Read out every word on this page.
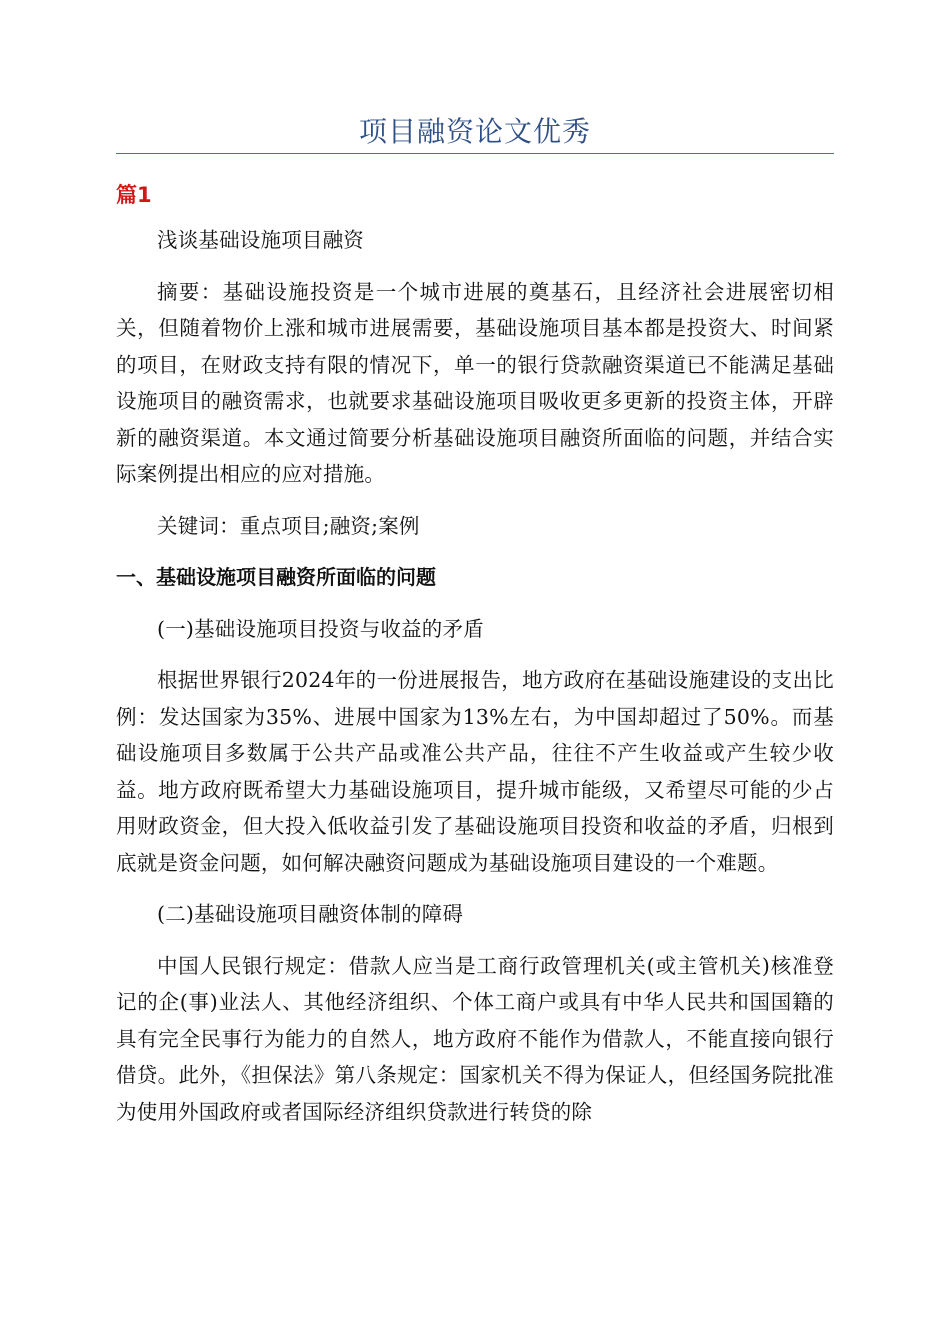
项目融资论文优秀
篇1

浅谈基础设施项目融资

摘要：基础设施投资是一个城市进展的奠基石，且经济社会进展密切相关，但随着物价上涨和城市进展需要，基础设施项目基本都是投资大、时间紧的项目，在财政支持有限的情况下，单一的银行贷款融资渠道已不能满足基础设施项目的融资需求，也就要求基础设施项目吸收更多更新的投资主体，开辟新的融资渠道。本文通过简要分析基础设施项目融资所面临的问题，并结合实际案例提出相应的应对措施。

关键词：重点项目;融资;案例

一、基础设施项目融资所面临的问题

(一)基础设施项目投资与收益的矛盾

根据世界银行2024年的一份进展报告，地方政府在基础设施建设的支出比例：发达国家为35%、进展中国家为13%左右，为中国却超过了50%。而基础设施项目多数属于公共产品或准公共产品，往往不产生收益或产生较少收益。地方政府既希望大力基础设施项目，提升城市能级，又希望尽可能的少占用财政资金，但大投入低收益引发了基础设施项目投资和收益的矛盾，归根到底就是资金问题，如何解决融资问题成为基础设施项目建设的一个难题。

(二)基础设施项目融资体制的障碍

中国人民银行规定：借款人应当是工商行政管理机关(或主管机关)核准登记的企(事)业法人、其他经济组织、个体工商户或具有中华人民共和国国籍的具有完全民事行为能力的自然人，地方政府不能作为借款人，不能直接向银行借贷。此外，《担保法》第八条规定：国家机关不得为保证人，但经国务院批准为使用外国政府或者国际经济组织贷款进行转贷的除
